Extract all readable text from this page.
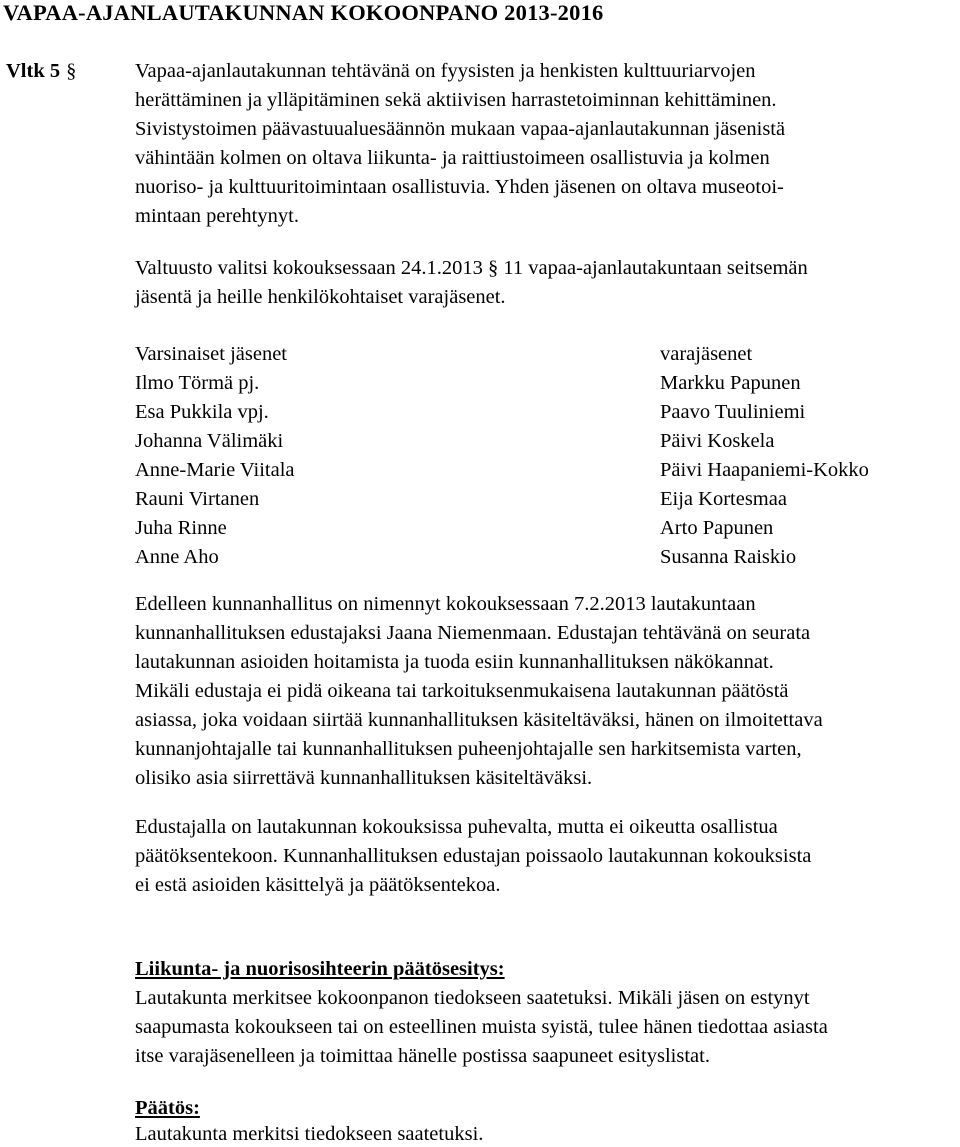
VAPAA-AJANLAUTAKUNNAN KOKOONPANO 2013-2016
Vltk 5 §	Vapaa-ajanlautakunnan tehtävänä on fyysisten ja henkisten kulttuuriarvojen
herättäminen ja ylläpitäminen sekä aktiivisen harrastetoiminnan kehittäminen.
Sivistystoimen päävastuualuesäännön mukaan vapaa-ajanlautakunnan jäsenistä
vähintään kolmen on oltava liikunta- ja raittiustoimeen osallistuvia ja kolmen
nuoriso- ja kulttuuritoimintaan osallistuvia. Yhden jäsenen on oltava museotoi-
mintaan perehtynyt.
Valtuusto valitsi kokouksessaan 24.1.2013 § 11 vapaa-ajanlautakuntaan seitsemän
jäsentä ja heille henkilökohtaiset varajäsenet.
Varsinaiset jäsenet
Ilmo Törmä pj.
Esa Pukkila vpj.
Johanna Välimäki
Anne-Marie Viitala
Rauni Virtanen
Juha Rinne
Anne Aho
varajäsenet
Markku Papunen
Paavo Tuuliniemi
Päivi Koskela
Päivi Haapaniemi-Kokko
Eija Kortesmaa
Arto Papunen
Susanna Raiskio
Edelleen kunnanhallitus on nimennyt kokouksessaan 7.2.2013 lautakuntaan
kunnanhallituksen edustajaksi Jaana Niemenmaan. Edustajan tehtävänä on seurata
lautakunnan asioiden hoitamista ja tuoda esiin kunnanhallituksen näkökannat.
Mikäli edustaja ei pidä oikeana tai tarkoituksenmukaisena lautakunnan päätöstä
asiassa, joka voidaan siirtää kunnanhallituksen käsiteltäväksi, hänen on ilmoitettava
kunnanjohtajalle tai kunnanhallituksen puheenjohtajalle sen harkitsemista varten,
olisiko asia siirrettävä kunnanhallituksen käsiteltäväksi.
Edustajalla on lautakunnan kokouksissa puhevalta, mutta ei oikeutta osallistua
päätöksentekoon. Kunnanhallituksen edustajan poissaolo lautakunnan kokouksista
ei estä asioiden käsittelyä ja päätöksentekoa.
Liikunta- ja nuorisosihteerin päätösesitys:
Lautakunta merkitsee kokoonpanon tiedokseen saatetuksi. Mikäli jäsen on estynyt
saapumasta kokoukseen tai on esteellinen muista syistä, tulee hänen tiedottaa asiasta
itse varajäsenelleen ja toimittaa hänelle postissa saapuneet esityslistat.
Päätös:
Lautakunta merkitsi tiedokseen saatetuksi.
